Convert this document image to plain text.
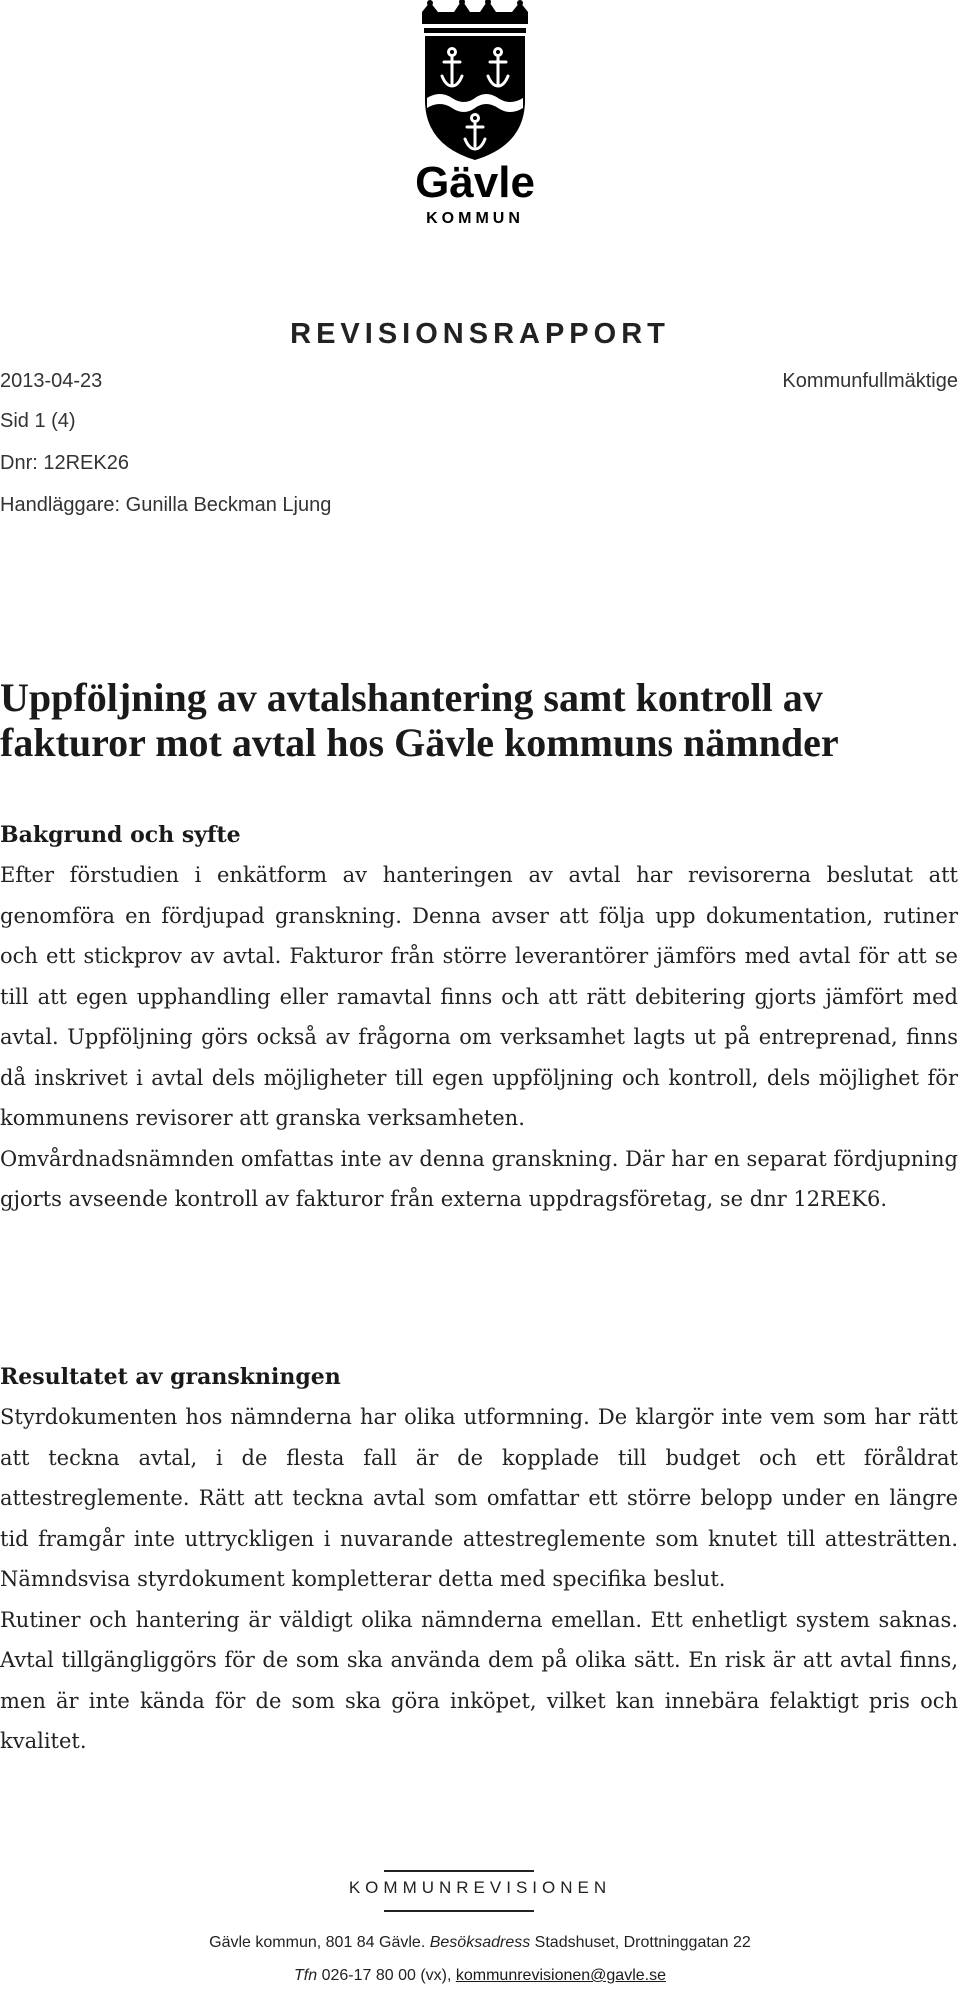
Gävle
KOMMUN
REVISIONSRAPPORT
2013-04-23
Sid 1 (4)
Dnr: 12REK26
Handläggare: Gunilla Beckman Ljung
Kommunfullmäktige
Uppföljning av avtalshantering samt kontroll av fakturor mot avtal hos Gävle kommuns nämnder
Bakgrund och syfte

Efter förstudien i enkätform av hanteringen av avtal har revisorerna beslutat att genomföra en fördjupad granskning. Denna avser att följa upp dokumentation, rutiner och ett stickprov av avtal. Fakturor från större leverantörer jämförs med avtal för att se till att egen upphandling eller ramavtal finns och att rätt debitering gjorts jämfört med avtal. Uppföljning görs också av frågorna om verksamhet lagts ut på entreprenad, finns då inskrivet i avtal dels möjligheter till egen uppföljning och kontroll, dels möjlighet för kommunens revisorer att granska verksamheten.

Omvårdnadsnämnden omfattas inte av denna granskning. Där har en separat fördjupning gjorts avseende kontroll av fakturor från externa uppdragsföretag, se dnr 12REK6.

Resultatet av granskningen

Styrdokumenten hos nämnderna har olika utformning. De klargör inte vem som har rätt att teckna avtal, i de flesta fall är de kopplade till budget och ett föråldrat attestreglemente. Rätt att teckna avtal som omfattar ett större belopp under en längre tid framgår inte uttryckligen i nuvarande attestreglemente som knutet till attesträtten. Nämndsvisa styrdokument kompletterar detta med specifika beslut.

Rutiner och hantering är väldigt olika nämnderna emellan. Ett enhetligt system saknas. Avtal tillgängliggörs för de som ska använda dem på olika sätt. En risk är att avtal finns, men är inte kända för de som ska göra inköpet, vilket kan innebära felaktigt pris och kvalitet.

KOMMUNREVISIONEN
Gävle kommun, 801 84 Gävle. Besöksadress Stadshuset, Drottninggatan 22
Tfn 026-17 80 00 (vx), kommunrevisionen@gavle.se
